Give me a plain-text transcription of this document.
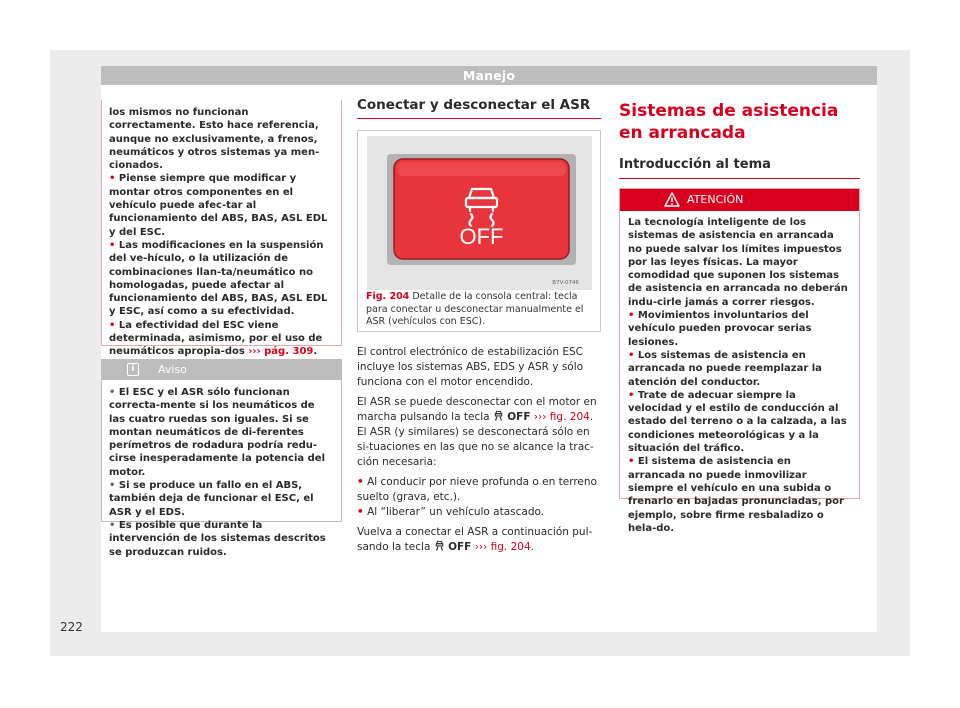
Manejo

los mismos no funcionan correctamente. Esto hace referencia, aunque no exclusivamente, a frenos, neumáticos y otros sistemas ya men-cionados.

• Piense siempre que modificar y montar otros componentes en el vehículo puede afec-tar al funcionamiento del ABS, BAS, ASL EDL y del ESC.
• Las modificaciones en la suspensión del ve-hículo, o la utilización de combinaciones llan-ta/neumático no homologadas, puede afectar al funcionamiento del ABS, BAS, ASL EDL y ESC, así como a su efectividad.
• La efectividad del ESC viene determinada, asimismo, por el uso de neumáticos apropia-dos ››› pág. 309.
i	Aviso
• El ESC y el ASR sólo funcionan correcta-mente si los neumáticos de las cuatro ruedas son iguales. Si se montan neumáticos de di-ferentes perímetros de rodadura podría redu-cirse inesperadamente la potencia del motor.
• Si se produce un fallo en el ABS, también deja de funcionar el ESC, el ASR y el EDS.
• Es posible que durante la intervención de los sistemas descritos se produzcan ruidos.
Conectar y desconectar el ASR
OFF
B7V-0746
Fig. 204 Detalle de la consola central: tecla para conectar u desconectar manualmente el ASR (vehículos con ESC).

El control electrónico de estabilización ESC incluye los sistemas ABS, EDS y ASR y sólo funciona con el motor encendido.

El ASR se puede desconectar con el motor en marcha pulsando la tecla OFF ››› fig. 204. El ASR (y similares) se desconectará sólo en si-tuaciones en las que no se alcance la trac-ción necesaria:

• Al conducir por nieve profunda o en terreno suelto (grava, etc.).
• Al “liberar” un vehículo atascado.

Vuelva a conectar el ASR a continuación pul-sando la tecla OFF ››› fig. 204.

Sistemas de asistencia en arrancada
Introducción al tema
ATENCIÓN

La tecnología inteligente de los sistemas de asistencia en arrancada no puede salvar los límites impuestos por las leyes físicas. La mayor comodidad que suponen los sistemas de asistencia en arrancada no deberán indu-cirle jamás a correr riesgos.

• Movimientos involuntarios del vehículo pueden provocar serias lesiones.
• Los sistemas de asistencia en arrancada no puede reemplazar la atención del conductor.
• Trate de adecuar siempre la velocidad y el estilo de conducción al estado del terreno o a la calzada, a las condiciones meteorológicas y a la situación del tráfico.
• El sistema de asistencia en arrancada no puede inmovilizar siempre el vehículo en una subida o frenarlo en bajadas pronunciadas, por ejemplo, sobre firme resbaladizo o hela-do.
222
